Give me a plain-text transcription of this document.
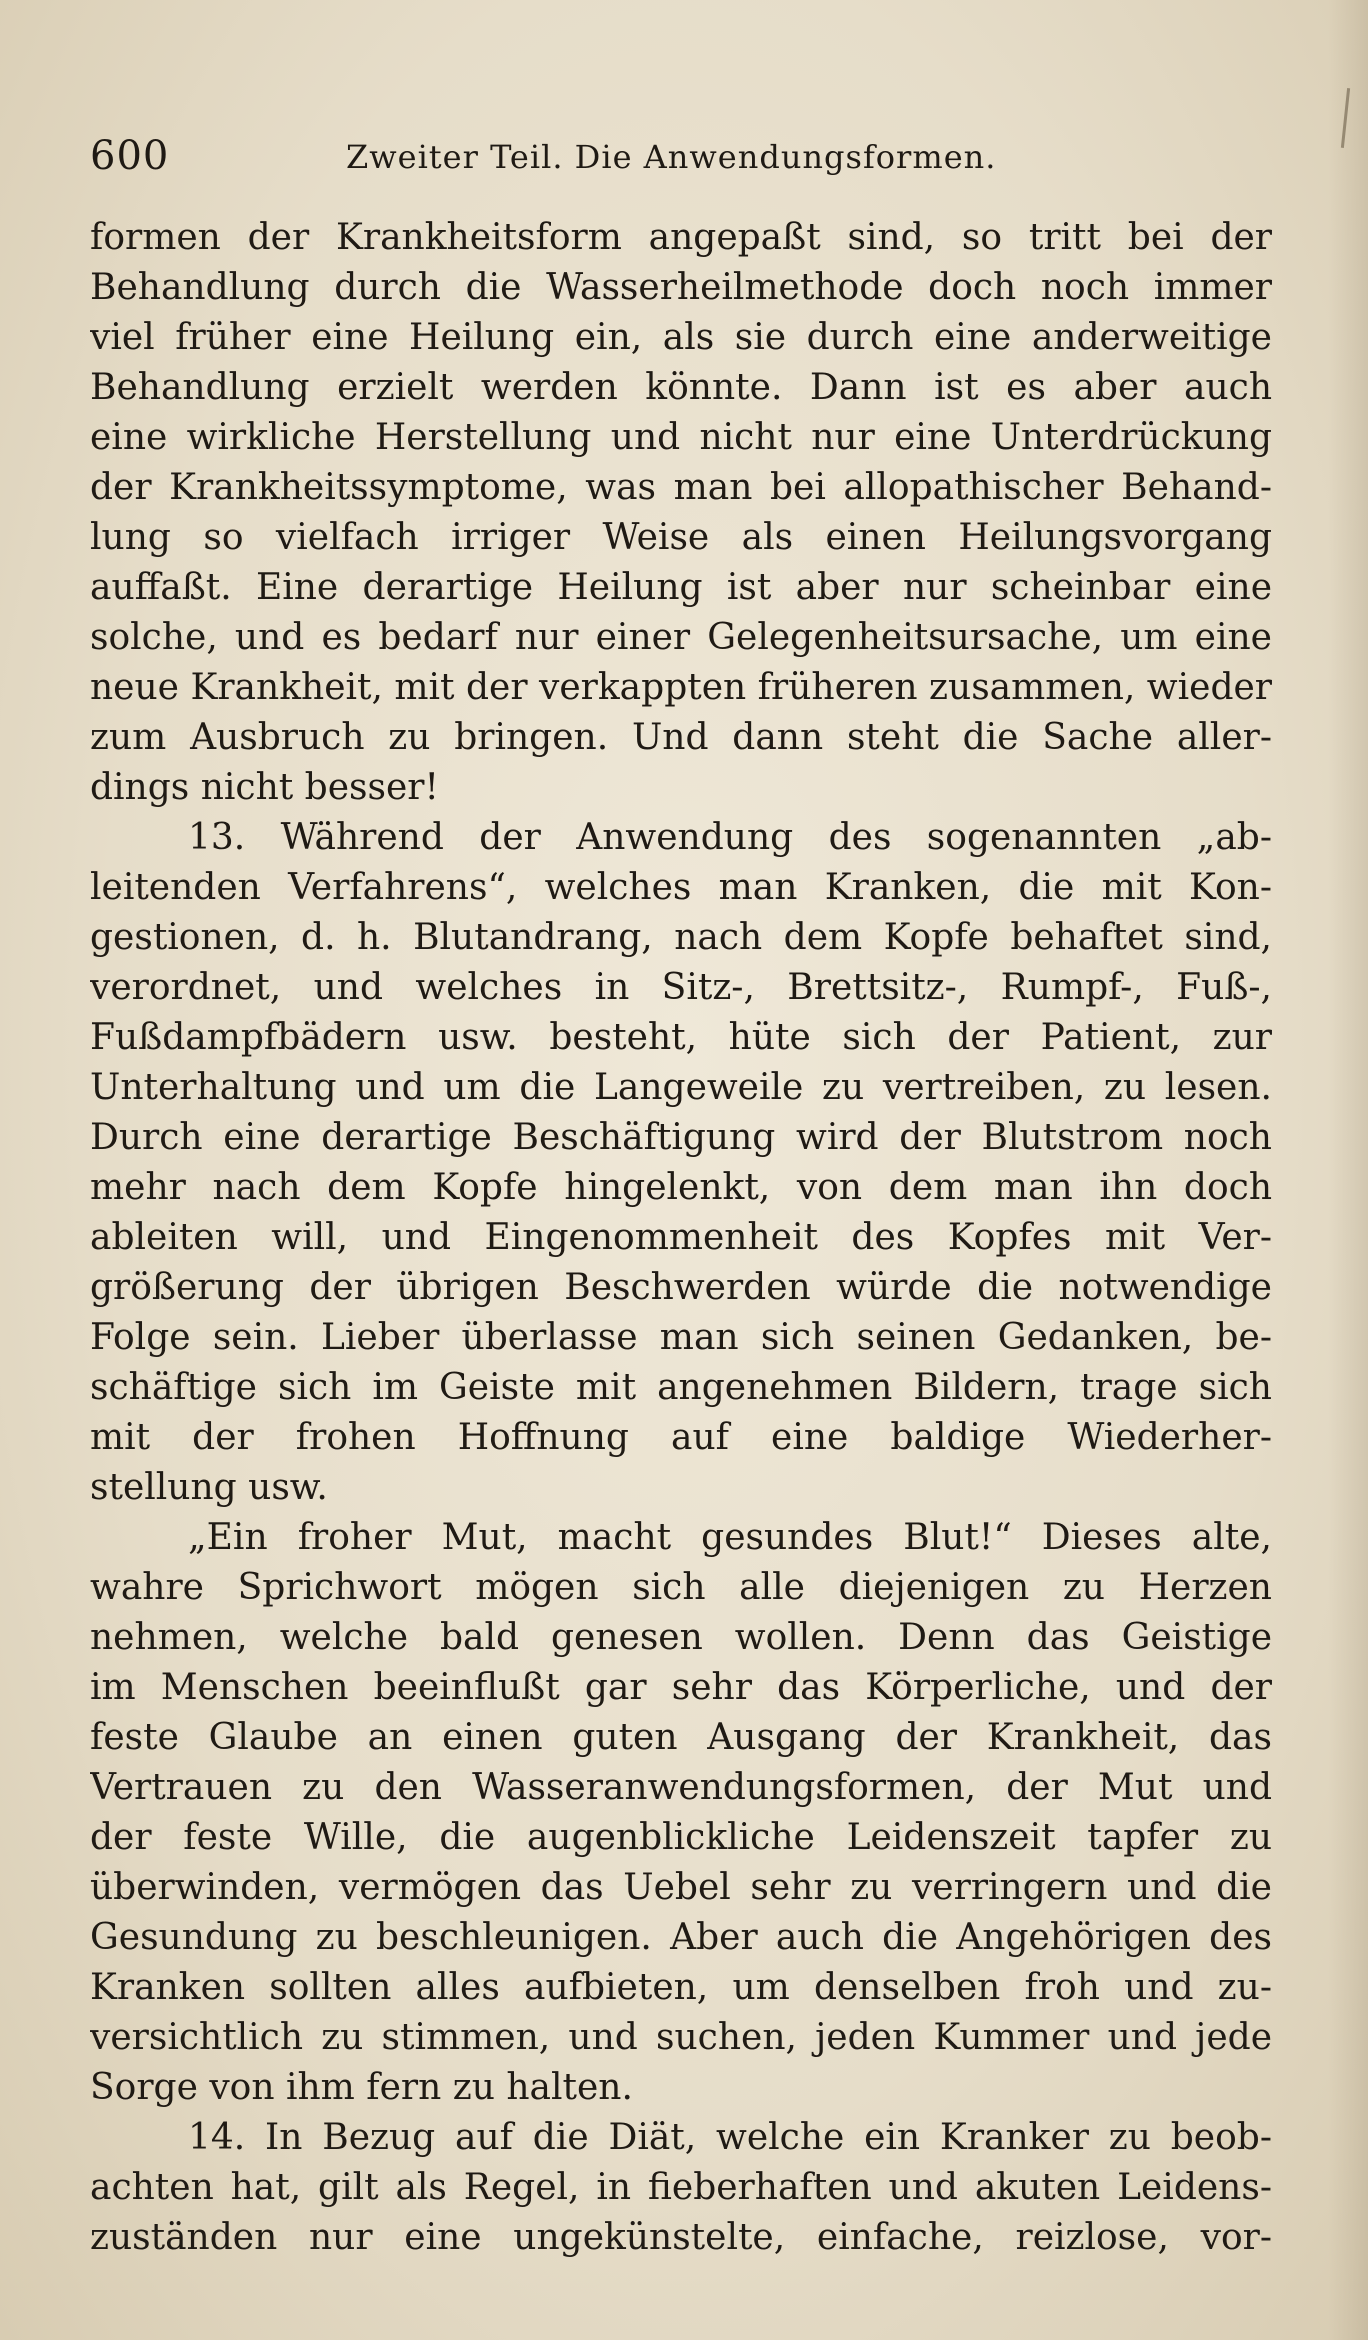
600	Zweiter Teil. Die Anwendungsformen.
formen der Krankheitsform angepaßt sind, so tritt bei der
Behandlung durch die Wasserheilmethode doch noch immer
viel früher eine Heilung ein, als sie durch eine anderweitige
Behandlung erzielt werden könnte. Dann ist es aber auch
eine wirkliche Herstellung und nicht nur eine Unterdrückung
der Krankheitssymptome, was man bei allopathischer Behand-
lung so vielfach irriger Weise als einen Heilungsvorgang
auffaßt. Eine derartige Heilung ist aber nur scheinbar eine
solche, und es bedarf nur einer Gelegenheitsursache, um eine
neue Krankheit, mit der verkappten früheren zusammen, wieder
zum Ausbruch zu bringen. Und dann steht die Sache aller-
dings nicht besser!
13. Während der Anwendung des sogenannten „ab-
leitenden Verfahrens“, welches man Kranken, die mit Kon-
gestionen, d. h. Blutandrang, nach dem Kopfe behaftet sind,
verordnet, und welches in Sitz-, Brettsitz-, Rumpf-, Fuß-,
Fußdampfbädern usw. besteht, hüte sich der Patient, zur
Unterhaltung und um die Langeweile zu vertreiben, zu lesen.
Durch eine derartige Beschäftigung wird der Blutstrom noch
mehr nach dem Kopfe hingelenkt, von dem man ihn doch
ableiten will, und Eingenommenheit des Kopfes mit Ver-
größerung der übrigen Beschwerden würde die notwendige
Folge sein. Lieber überlasse man sich seinen Gedanken, be-
schäftige sich im Geiste mit angenehmen Bildern, trage sich
mit der frohen Hoffnung auf eine baldige Wiederher-
stellung usw.
„Ein froher Mut, macht gesundes Blut!“ Dieses alte,
wahre Sprichwort mögen sich alle diejenigen zu Herzen
nehmen, welche bald genesen wollen. Denn das Geistige
im Menschen beeinflußt gar sehr das Körperliche, und der
feste Glaube an einen guten Ausgang der Krankheit, das
Vertrauen zu den Wasseranwendungsformen, der Mut und
der feste Wille, die augenblickliche Leidenszeit tapfer zu
überwinden, vermögen das Uebel sehr zu verringern und die
Gesundung zu beschleunigen. Aber auch die Angehörigen des
Kranken sollten alles aufbieten, um denselben froh und zu-
versichtlich zu stimmen, und suchen, jeden Kummer und jede
Sorge von ihm fern zu halten.
14. In Bezug auf die Diät, welche ein Kranker zu beob-
achten hat, gilt als Regel, in fieberhaften und akuten Leidens-
zuständen nur eine ungekünstelte, einfache, reizlose, vor-
